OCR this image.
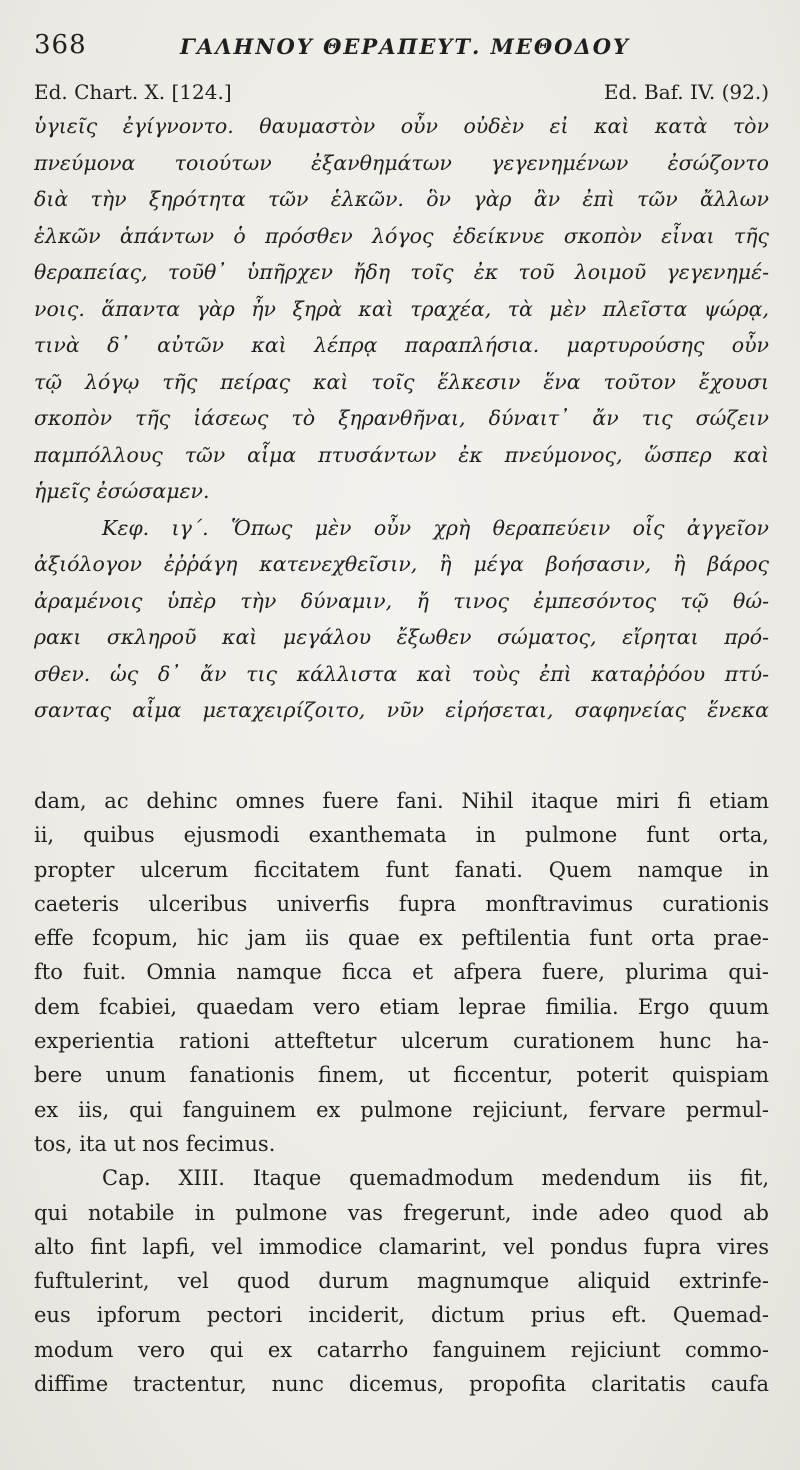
368	ΓΑΛΗΝΟΥ ΘΕΡΑΠΕΥΤ. ΜΕΘΟΔΟΥ
Ed. Chart. X. [124.]	Ed. Baf. IV. (92.)
ὑγιεῖς ἐγίγνοντο. θαυμαστὸν οὖν οὐδὲν εἰ καὶ κατὰ τὸν
πνεύμονα τοιούτων ἐξανθημάτων γεγενημένων ἐσώζοντο
διὰ τὴν ξηρότητα τῶν ἑλκῶν. ὃν γὰρ ἂν ἐπὶ τῶν ἄλλων
ἑλκῶν ἁπάντων ὁ πρόσθεν λόγος ἐδείκνυε σκοπὸν εἶναι τῆς
θεραπείας, τοῦθ᾽ ὑπῆρχεν ἤδη τοῖς ἐκ τοῦ λοιμοῦ γεγενημέ-
νοις. ἅπαντα γὰρ ἦν ξηρὰ καὶ τραχέα, τὰ μὲν πλεῖστα ψώρᾳ,
τινὰ δ᾽ αὐτῶν καὶ λέπρᾳ παραπλήσια. μαρτυρούσης οὖν
τῷ λόγῳ τῆς πείρας καὶ τοῖς ἕλκεσιν ἕνα τοῦτον ἔχουσι
σκοπὸν τῆς ἰάσεως τὸ ξηρανθῆναι, δύναιτ᾽ ἄν τις σώζειν
παμπόλλους τῶν αἷμα πτυσάντων ἐκ πνεύμονος, ὥσπερ καὶ
ἡμεῖς ἐσώσαμεν.
Κεφ. ιγ΄. Ὅπως μὲν οὖν χρὴ θεραπεύειν οἷς ἀγγεῖον
ἀξιόλογον ἐῤῥάγη κατενεχθεῖσιν, ἢ μέγα βοήσασιν, ἢ βάρος
ἀραμένοις ὑπὲρ τὴν δύναμιν, ἤ τινος ἐμπεσόντος τῷ θώ-
ρακι σκληροῦ καὶ μεγάλου ἔξωθεν σώματος, εἴρηται πρό-
σθεν. ὡς δ᾽ ἄν τις κάλλιστα καὶ τοὺς ἐπὶ καταῤῥόου πτύ-
σαντας αἷμα μεταχειρίζοιτο, νῦν εἰρήσεται, σαφηνείας ἕνεκα
dam, ac dehinc omnes fuere fani. Nihil itaque miri fi etiam
ii, quibus ejusmodi exanthemata in pulmone funt orta,
propter ulcerum ficcitatem funt fanati. Quem namque in
caeteris ulceribus univerfis fupra monftravimus curationis
effe fcopum, hic jam iis quae ex peftilentia funt orta prae-
fto fuit. Omnia namque ficca et afpera fuere, plurima qui-
dem fcabiei, quaedam vero etiam leprae fimilia. Ergo quum
experientia rationi atteftetur ulcerum curationem hunc ha-
bere unum fanationis finem, ut ficcentur, poterit quispiam
ex iis, qui fanguinem ex pulmone rejiciunt, fervare permul-
tos, ita ut nos fecimus.
Cap. XIII. Itaque quemadmodum medendum iis fit,
qui notabile in pulmone vas fregerunt, inde adeo quod ab
alto fint lapfi, vel immodice clamarint, vel pondus fupra vires
fuftulerint, vel quod durum magnumque aliquid extrinfe-
eus ipforum pectori inciderit, dictum prius eft. Quemad-
modum vero qui ex catarrho fanguinem rejiciunt commo-
diffime tractentur, nunc dicemus, propofita claritatis caufa
